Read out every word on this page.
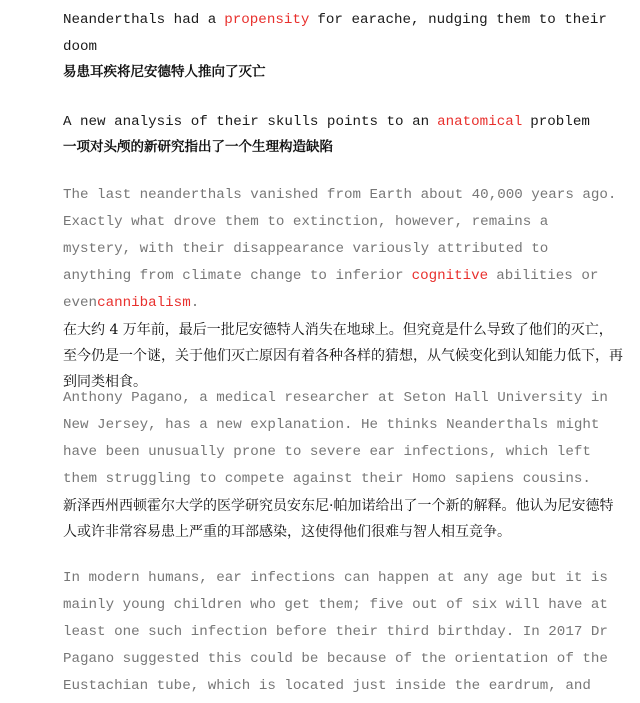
Neanderthals had a propensity for earache, nudging them to their doom
易患耳疾将尼安德特人推向了灭亡
A new analysis of their skulls points to an anatomical problem
一项对头颅的新研究指出了一个生理构造缺陷
The last neanderthals vanished from Earth about 40,000 years ago. Exactly what drove them to extinction, however, remains a mystery, with their disappearance variously attributed to anything from climate change to inferior cognitive abilities or evencannibalism.
在大约 4 万年前，最后一批尼安德特人消失在地球上。但究竟是什么导致了他们的灭亡，至今仍是一个谜，关于他们灭亡原因有着各种各样的猜想，从气候变化到认知能力低下，再到同类相食。
Anthony Pagano, a medical researcher at Seton Hall University in New Jersey, has a new explanation. He thinks Neanderthals might have been unusually prone to severe ear infections, which left them struggling to compete against their Homo sapiens cousins.
新泽西州西顿霍尔大学的医学研究员安东尼·帕加诺给出了一个新的解释。他认为尼安德特人或许非常容易患上严重的耳部感染，这使得他们很难与智人相互竞争。
In modern humans, ear infections can happen at any age but it is mainly young children who get them; five out of six will have at least one such infection before their third birthday. In 2017 Dr Pagano suggested this could be because of the orientation of the Eustachian tube, which is located just inside the eardrum, and
